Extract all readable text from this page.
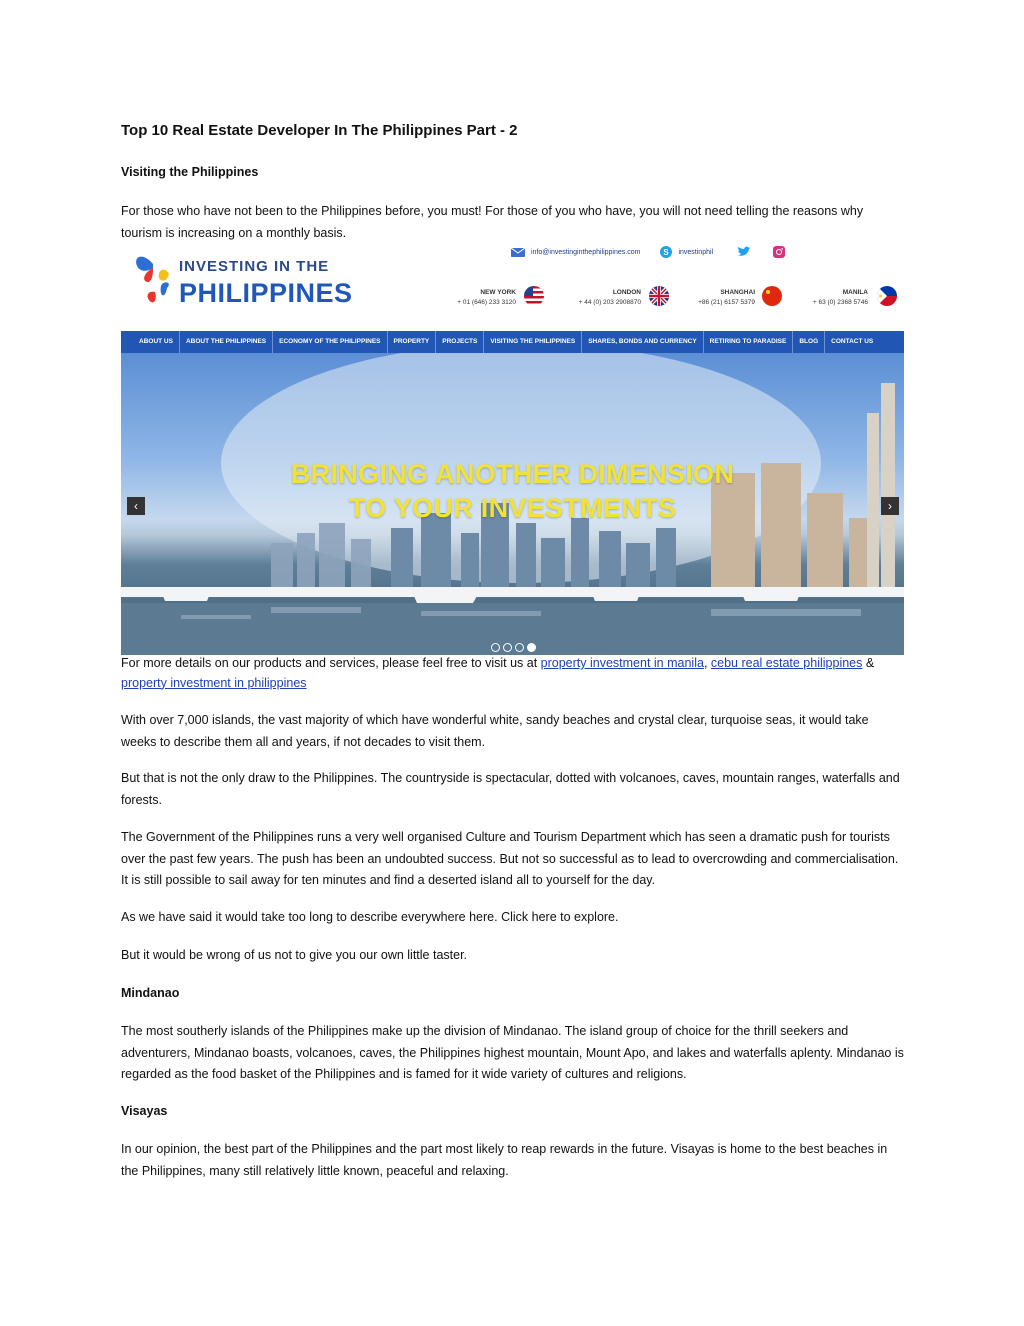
Top 10 Real Estate Developer In The Philippines Part - 2

Visiting the Philippines

For those who have not been to the Philippines before, you must! For those of you who have, you will not need telling the reasons why tourism is increasing on a monthly basis.

INVESTING IN THE
PHILIPPINES
info@investinginthephilippines.com	S investinphil
NEW YORK
+ 01 (646) 233 3120
LONDON
+ 44 (0) 203 2908870
SHANGHAI
+86 (21) 6157 5379
MANILA
+ 63 (0) 2368 5746
ABOUT US	ABOUT THE PHILIPPINES	ECONOMY OF THE PHILIPPINES	PROPERTY	PROJECTS	VISITING THE PHILIPPINES	SHARES, BONDS AND CURRENCY	RETIRING TO PARADISE	BLOG	CONTACT US
BRINGING ANOTHER DIMENSION
TO YOUR INVESTMENTS
‹	›

For more details on our products and services, please feel free to visit us at property investment in manila, cebu real estate philippines & property investment in philippines

With over 7,000 islands, the vast majority of which have wonderful white, sandy beaches and crystal clear, turquoise seas, it would take weeks to describe them all and years, if not decades to visit them.

But that is not the only draw to the Philippines. The countryside is spectacular, dotted with volcanoes, caves, mountain ranges, waterfalls and forests.

The Government of the Philippines runs a very well organised Culture and Tourism Department which has seen a dramatic push for tourists over the past few years. The push has been an undoubted success. But not so successful as to lead to overcrowding and commercialisation. It is still possible to sail away for ten minutes and find a deserted island all to yourself for the day.

As we have said it would take too long to describe everywhere here. Click here to explore.

But it would be wrong of us not to give you our own little taster.

Mindanao

The most southerly islands of the Philippines make up the division of Mindanao. The island group of choice for the thrill seekers and adventurers, Mindanao boasts, volcanoes, caves, the Philippines highest mountain, Mount Apo, and lakes and waterfalls aplenty. Mindanao is regarded as the food basket of the Philippines and is famed for it wide variety of cultures and religions.

Visayas

In our opinion, the best part of the Philippines and the part most likely to reap rewards in the future. Visayas is home to the best beaches in the Philippines, many still relatively little known, peaceful and relaxing.
